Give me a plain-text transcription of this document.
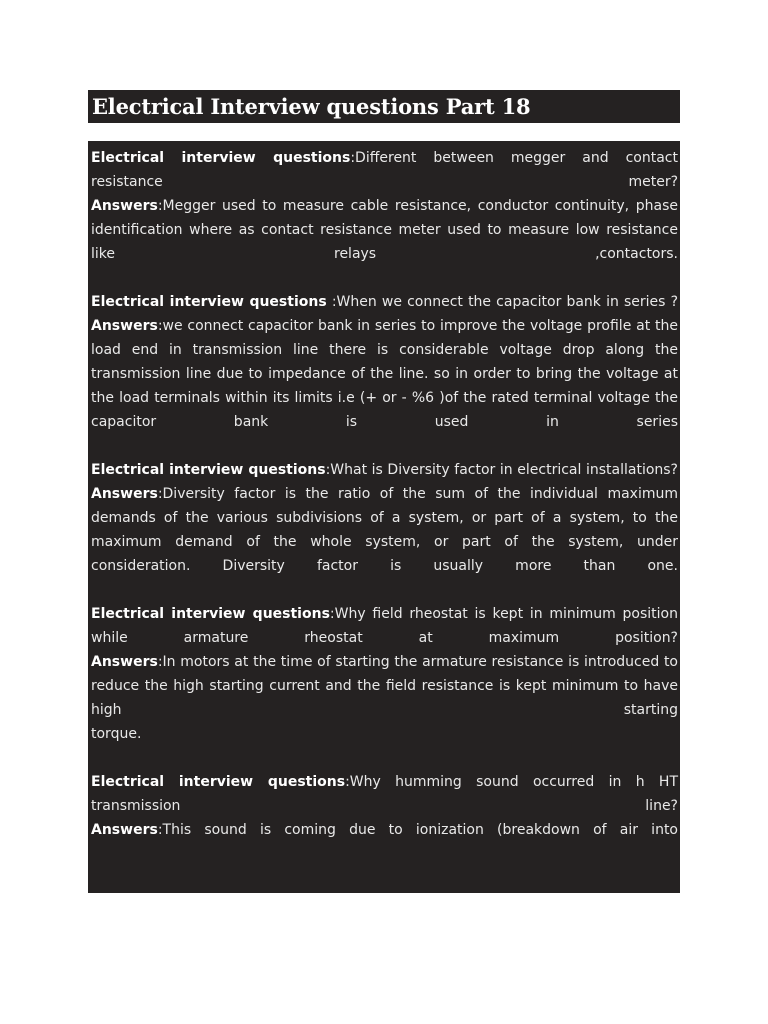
Electrical Interview questions Part 18

Electrical interview questions:Different between megger and contact resistance meter?

Answers:Megger used to measure cable resistance, conductor continuity, phase identification where as contact resistance meter used to measure low resistance like relays ,contactors.

Electrical interview questions :When we connect the capacitor bank in series ?

Answers:we connect capacitor bank in series to improve the voltage profile at the load end in transmission line there is considerable voltage drop along the transmission line due to impedance of the line. so in order to bring the voltage at the load terminals within its limits i.e (+ or - %6 )of the rated terminal voltage the capacitor bank is used in series

Electrical interview questions:What is Diversity factor in electrical installations?

Answers:Diversity factor is the ratio of the sum of the individual maximum demands of the various subdivisions of a system, or part of a system, to the maximum demand of the whole system, or part of the system, under consideration. Diversity factor is usually more than one.

Electrical interview questions:Why field rheostat is kept in minimum position while armature rheostat at maximum position?

Answers:In motors at the time of starting the armature resistance is introduced to reduce the high starting current and the field resistance is kept minimum to have high starting

torque.

Electrical interview questions:Why humming sound occurred in h HT transmission line?

Answers:This sound is coming due to ionization (breakdown of air into
